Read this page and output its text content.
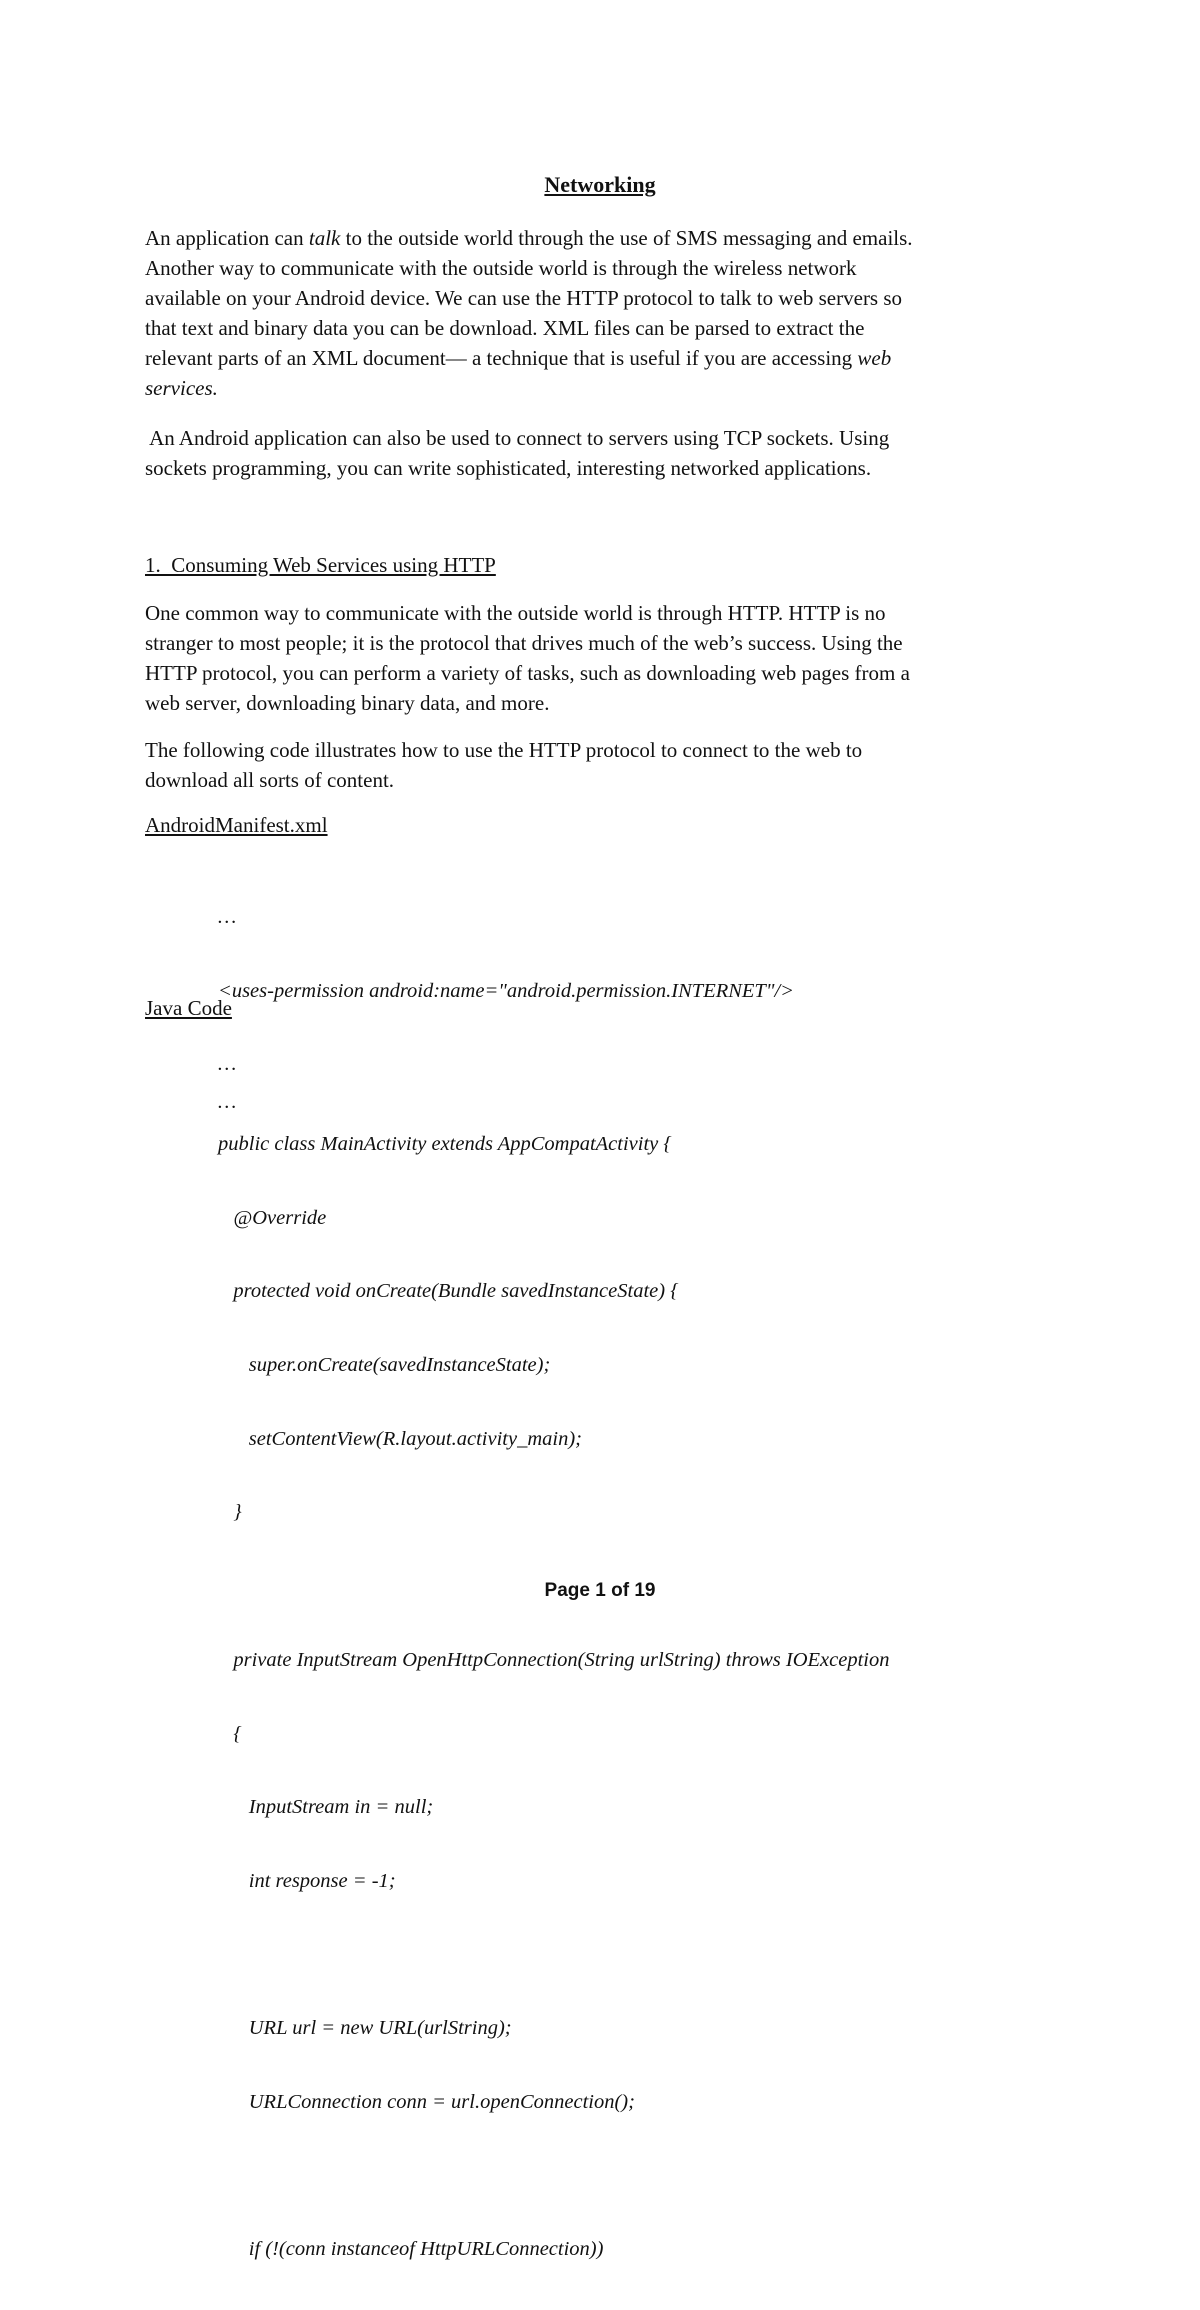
Networking
An application can talk to the outside world through the use of SMS messaging and emails.
Another way to communicate with the outside world is through the wireless network
available on your Android device. We can use the HTTP protocol to talk to web servers so
that text and binary data you can be download. XML files can be parsed to extract the
relevant parts of an XML document— a technique that is useful if you are accessing web
services.
An Android application can also be used to connect to servers using TCP sockets. Using
sockets programming, you can write sophisticated, interesting networked applications.
1.  Consuming Web Services using HTTP
One common way to communicate with the outside world is through HTTP. HTTP is no
stranger to most people; it is the protocol that drives much of the web’s success. Using the
HTTP protocol, you can perform a variety of tasks, such as downloading web pages from a
web server, downloading binary data, and more.
The following code illustrates how to use the HTTP protocol to connect to the web to
download all sorts of content.
AndroidManifest.xml

…

<uses-permission android:name="android.permission.INTERNET"/>

…

Java Code

…

public class MainActivity extends AppCompatActivity {

@Override

protected void onCreate(Bundle savedInstanceState) {

super.onCreate(savedInstanceState);

setContentView(R.layout.activity_main);

}

private InputStream OpenHttpConnection(String urlString) throws IOException

{

InputStream in = null;

int response = -1;

URL url = new URL(urlString);

URLConnection conn = url.openConnection();

if (!(conn instanceof HttpURLConnection))

Page 1 of 19
